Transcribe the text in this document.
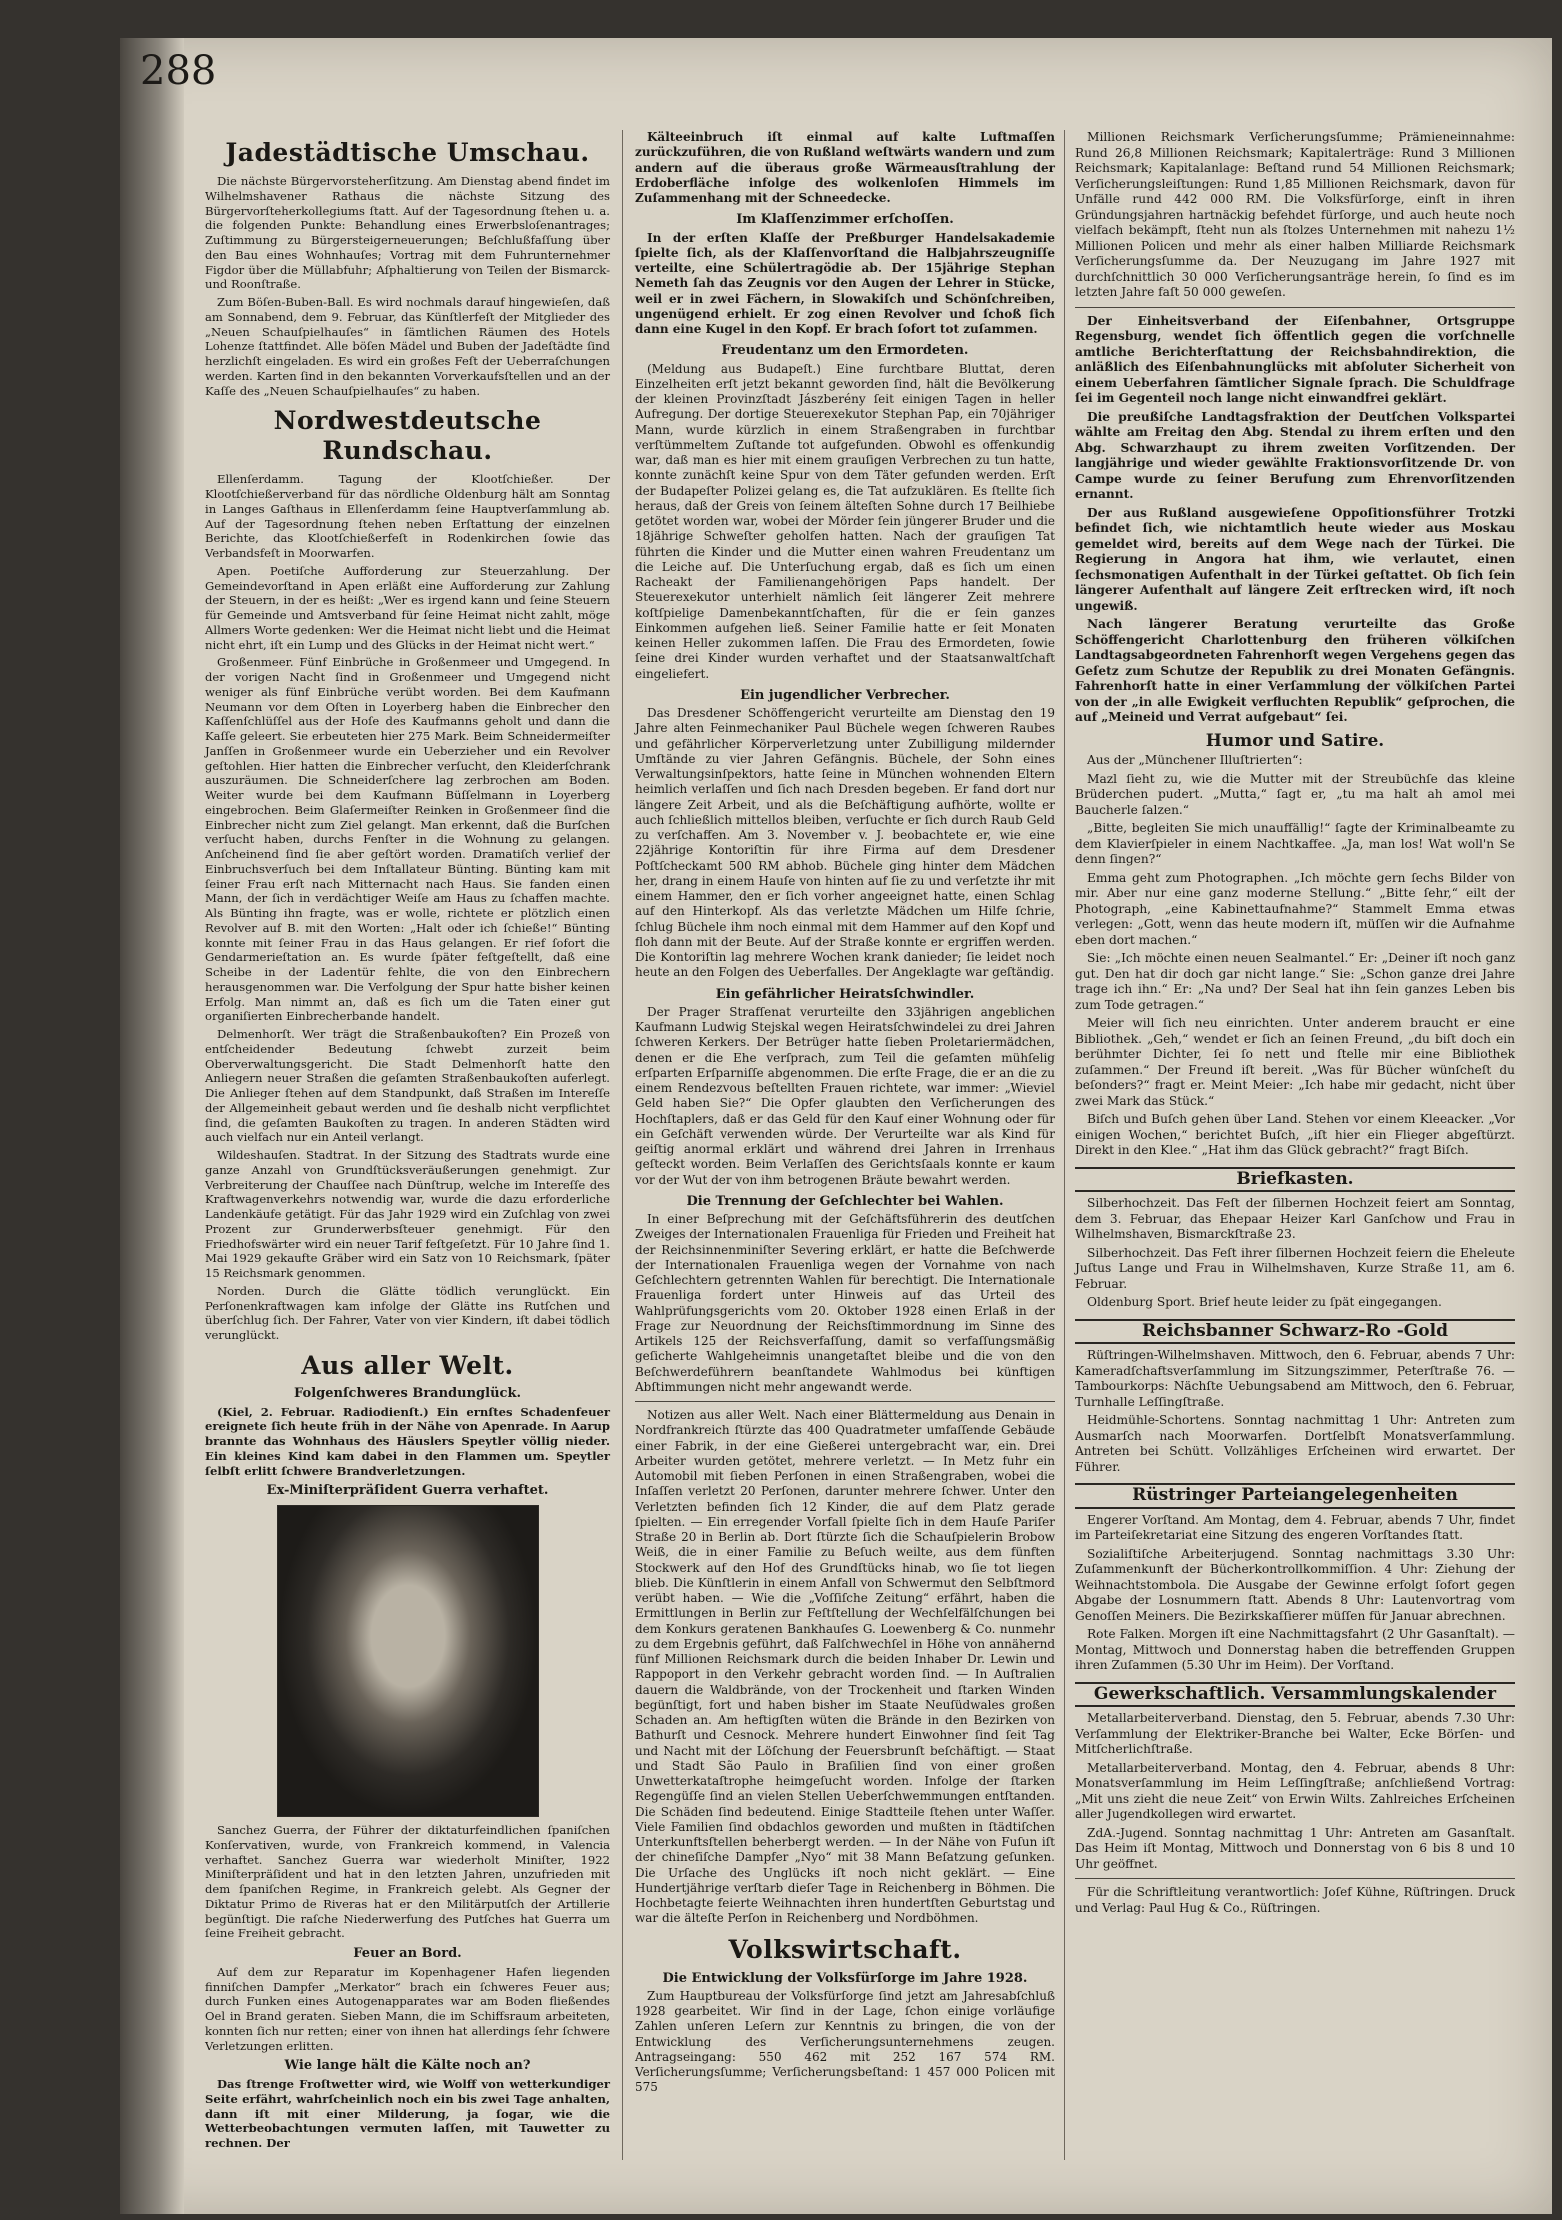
288
Jadestädtische Umschau.

Die nächste Bürgervorsteherſitzung. Am Dienstag abend findet im Wilhelmshavener Rathaus die nächste Sitzung des Bürgervorſteherkollegiums ſtatt. Auf der Tagesordnung ſtehen u. a. die folgenden Punkte: Behandlung eines Erwerbsloſenantrages; Zuſtimmung zu Bürgersteigerneuerungen; Beſchlußfaſſung über den Bau eines Wohnhauſes; Vortrag mit dem Fuhrunternehmer Figdor über die Müllabfuhr; Aſphaltierung von Teilen der Bismarck- und Roonſtraße.

Zum Böſen-Buben-Ball. Es wird nochmals darauf hingewieſen, daß am Sonnabend, dem 9. Februar, das Künſtlerfeſt der Mitglieder des „Neuen Schauſpielhauſes“ in ſämtlichen Räumen des Hotels Lohenze ſtattfindet. Alle böſen Mädel und Buben der Jadeſtädte ſind herzlichſt eingeladen. Es wird ein großes Feſt der Ueberraſchungen werden. Karten ſind in den bekannten Vorverkaufsſtellen und an der Kaſſe des „Neuen Schauſpielhauſes“ zu haben.

Nordwestdeutsche Rundschau.

Ellenſerdamm. Tagung der Klootſchießer. Der Klootſchießerverband für das nördliche Oldenburg hält am Sonntag in Langes Gaſthaus in Ellenſerdamm ſeine Hauptverſammlung ab. Auf der Tagesordnung ſtehen neben Erſtattung der einzelnen Berichte, das Klootſchießerfeſt in Rodenkirchen ſowie das Verbandsfeſt in Moorwarfen.

Apen. Poetiſche Aufforderung zur Steuerzahlung. Der Gemeindevorſtand in Apen erläßt eine Aufforderung zur Zahlung der Steuern, in der es heißt: „Wer es irgend kann und ſeine Steuern für Gemeinde und Amtsverband für ſeine Heimat nicht zahlt, möge Allmers Worte gedenken: Wer die Heimat nicht liebt und die Heimat nicht ehrt, iſt ein Lump und des Glücks in der Heimat nicht wert.“

Großenmeer. Fünf Einbrüche in Großenmeer und Umgegend. In der vorigen Nacht ſind in Großenmeer und Umgegend nicht weniger als fünf Einbrüche verübt worden. Bei dem Kaufmann Neumann vor dem Oſten in Loyerberg haben die Einbrecher den Kaſſenſchlüſſel aus der Hoſe des Kaufmanns geholt und dann die Kaſſe geleert. Sie erbeuteten hier 275 Mark. Beim Schneidermeiſter Janſſen in Großenmeer wurde ein Ueberzieher und ein Revolver geſtohlen. Hier hatten die Einbrecher verſucht, den Kleiderſchrank auszuräumen. Die Schneiderſchere lag zerbrochen am Boden. Weiter wurde bei dem Kaufmann Büſſelmann in Loyerberg eingebrochen. Beim Glaſermeiſter Reinken in Großenmeer ſind die Einbrecher nicht zum Ziel gelangt. Man erkennt, daß die Burſchen verſucht haben, durchs Fenſter in die Wohnung zu gelangen. Anſcheinend ſind ſie aber geſtört worden. Dramatiſch verlief der Einbruchsverſuch bei dem Inſtallateur Bünting. Bünting kam mit ſeiner Frau erſt nach Mitternacht nach Haus. Sie fanden einen Mann, der ſich in verdächtiger Weiſe am Haus zu ſchaffen machte. Als Bünting ihn fragte, was er wolle, richtete er plötzlich einen Revolver auf B. mit den Worten: „Halt oder ich ſchieße!“ Bünting konnte mit ſeiner Frau in das Haus gelangen. Er rief ſofort die Gendarmerieſtation an. Es wurde ſpäter feſtgeſtellt, daß eine Scheibe in der Ladentür fehlte, die von den Einbrechern herausgenommen war. Die Verfolgung der Spur hatte bisher keinen Erfolg. Man nimmt an, daß es ſich um die Taten einer gut organiſierten Einbrecherbande handelt.

Delmenhorſt. Wer trägt die Straßenbaukoſten? Ein Prozeß von entſcheidender Bedeutung ſchwebt zurzeit beim Oberverwaltungsgericht. Die Stadt Delmenhorſt hatte den Anliegern neuer Straßen die geſamten Straßenbaukoſten auferlegt. Die Anlieger ſtehen auf dem Standpunkt, daß Straßen im Intereſſe der Allgemeinheit gebaut werden und ſie deshalb nicht verpflichtet ſind, die geſamten Baukoſten zu tragen. In anderen Städten wird auch vielfach nur ein Anteil verlangt.

Wildeshauſen. Stadtrat. In der Sitzung des Stadtrats wurde eine ganze Anzahl von Grundſtücksveräußerungen genehmigt. Zur Verbreiterung der Chauſſee nach Dünſtrup, welche im Intereſſe des Kraftwagenverkehrs notwendig war, wurde die dazu erforderliche Landenkäufe getätigt. Für das Jahr 1929 wird ein Zuſchlag von zwei Prozent zur Grunderwerbsſteuer genehmigt. Für den Friedhofswärter wird ein neuer Tarif feſtgeſetzt. Für 10 Jahre ſind 1. Mai 1929 gekaufte Gräber wird ein Satz von 10 Reichsmark, ſpäter 15 Reichsmark genommen.

Norden. Durch die Glätte tödlich verunglückt. Ein Perſonenkraftwagen kam infolge der Glätte ins Rutſchen und überſchlug ſich. Der Fahrer, Vater von vier Kindern, iſt dabei tödlich verunglückt.

Aus aller Welt.
Folgenſchweres Brandunglück.

(Kiel, 2. Februar. Radiodienſt.) Ein ernſtes Schadenfeuer ereignete ſich heute früh in der Nähe von Apenrade. In Aarup brannte das Wohnhaus des Häuslers Speytler völlig nieder. Ein kleines Kind kam dabei in den Flammen um. Speytler ſelbſt erlitt ſchwere Brandverletzungen.

Ex-Miniſterpräſident Guerra verhaftet.

Sanchez Guerra, der Führer der diktaturfeindlichen ſpaniſchen Konſervativen, wurde, von Frankreich kommend, in Valencia verhaftet. Sanchez Guerra war wiederholt Miniſter, 1922 Miniſterpräſident und hat in den letzten Jahren, unzufrieden mit dem ſpaniſchen Regime, in Frankreich gelebt. Als Gegner der Diktatur Primo de Riveras hat er den Militärputſch der Artillerie begünſtigt. Die raſche Niederwerfung des Putſches hat Guerra um ſeine Freiheit gebracht.

Feuer an Bord.

Auf dem zur Reparatur im Kopenhagener Hafen liegenden finniſchen Dampfer „Merkator“ brach ein ſchweres Feuer aus; durch Funken eines Autogenapparates war am Boden fließendes Oel in Brand geraten. Sieben Mann, die im Schiffsraum arbeiteten, konnten ſich nur retten; einer von ihnen hat allerdings ſehr ſchwere Verletzungen erlitten.

Wie lange hält die Kälte noch an?

Das ſtrenge Froſtwetter wird, wie Wolff von wetterkundiger Seite erfährt, wahrſcheinlich noch ein bis zwei Tage anhalten, dann iſt mit einer Milderung, ja ſogar, wie die Wetterbeobachtungen vermuten laſſen, mit Tauwetter zu rechnen. Der

Kälteeinbruch iſt einmal auf kalte Luftmaſſen zurückzuführen, die von Rußland weſtwärts wandern und zum andern auf die überaus große Wärmeausſtrahlung der Erdoberfläche infolge des wolkenloſen Himmels im Zuſammenhang mit der Schneedecke.

Im Klaſſenzimmer erſchoſſen.

In der erſten Klaſſe der Preßburger Handelsakademie ſpielte ſich, als der Klaſſenvorſtand die Halbjahrszeugniſſe verteilte, eine Schülertragödie ab. Der 15jährige Stephan Nemeth ſah das Zeugnis vor den Augen der Lehrer in Stücke, weil er in zwei Fächern, in Slowakiſch und Schönſchreiben, ungenügend erhielt. Er zog einen Revolver und ſchoß ſich dann eine Kugel in den Kopf. Er brach ſofort tot zuſammen.

Freudentanz um den Ermordeten.

(Meldung aus Budapeſt.) Eine furchtbare Bluttat, deren Einzelheiten erſt jetzt bekannt geworden ſind, hält die Bevölkerung der kleinen Provinzſtadt Jászberény ſeit einigen Tagen in heller Aufregung. Der dortige Steuerexekutor Stephan Pap, ein 70jähriger Mann, wurde kürzlich in einem Straßengraben in furchtbar verſtümmeltem Zuſtande tot aufgefunden. Obwohl es offenkundig war, daß man es hier mit einem grauſigen Verbrechen zu tun hatte, konnte zunächſt keine Spur von dem Täter gefunden werden. Erſt der Budapeſter Polizei gelang es, die Tat aufzuklären. Es ſtellte ſich heraus, daß der Greis von ſeinem älteſten Sohne durch 17 Beilhiebe getötet worden war, wobei der Mörder ſein jüngerer Bruder und die 18jährige Schweſter geholfen hatten. Nach der grauſigen Tat führten die Kinder und die Mutter einen wahren Freudentanz um die Leiche auf. Die Unterſuchung ergab, daß es ſich um einen Racheakt der Familienangehörigen Paps handelt. Der Steuerexekutor unterhielt nämlich ſeit längerer Zeit mehrere koſtſpielige Damenbekanntſchaften, für die er ſein ganzes Einkommen aufgehen ließ. Seiner Familie hatte er ſeit Monaten keinen Heller zukommen laſſen. Die Frau des Ermordeten, ſowie ſeine drei Kinder wurden verhaftet und der Staatsanwaltſchaft eingeliefert.

Ein jugendlicher Verbrecher.

Das Dresdener Schöffengericht verurteilte am Dienstag den 19 Jahre alten Feinmechaniker Paul Büchele wegen ſchweren Raubes und gefährlicher Körperverletzung unter Zubilligung mildernder Umſtände zu vier Jahren Gefängnis. Büchele, der Sohn eines Verwaltungsinſpektors, hatte ſeine in München wohnenden Eltern heimlich verlaſſen und ſich nach Dresden begeben. Er fand dort nur längere Zeit Arbeit, und als die Beſchäftigung aufhörte, wollte er auch ſchließlich mittellos bleiben, verſuchte er ſich durch Raub Geld zu verſchaffen. Am 3. November v. J. beobachtete er, wie eine 22jährige Kontoriſtin für ihre Firma auf dem Dresdener Poſtſcheckamt 500 RM abhob. Büchele ging hinter dem Mädchen her, drang in einem Hauſe von hinten auf ſie zu und verſetzte ihr mit einem Hammer, den er ſich vorher angeeignet hatte, einen Schlag auf den Hinterkopf. Als das verletzte Mädchen um Hilfe ſchrie, ſchlug Büchele ihm noch einmal mit dem Hammer auf den Kopf und floh dann mit der Beute. Auf der Straße konnte er ergriffen werden. Die Kontoriſtin lag mehrere Wochen krank danieder; ſie leidet noch heute an den Folgen des Ueberfalles. Der Angeklagte war geſtändig.

Ein gefährlicher Heiratsſchwindler.

Der Prager Strafſenat verurteilte den 33jährigen angeblichen Kaufmann Ludwig Stejskal wegen Heiratsſchwindelei zu drei Jahren ſchweren Kerkers. Der Betrüger hatte ſieben Proletariermädchen, denen er die Ehe verſprach, zum Teil die geſamten mühſelig erſparten Erſparniſſe abgenommen. Die erſte Frage, die er an die zu einem Rendezvous beſtellten Frauen richtete, war immer: „Wieviel Geld haben Sie?“ Die Opfer glaubten den Verſicherungen des Hochſtaplers, daß er das Geld für den Kauf einer Wohnung oder für ein Geſchäft verwenden würde. Der Verurteilte war als Kind für geiſtig anormal erklärt und während drei Jahren in Irrenhaus geſteckt worden. Beim Verlaſſen des Gerichtsſaals konnte er kaum vor der Wut der von ihm betrogenen Bräute bewahrt werden.

Die Trennung der Geſchlechter bei Wahlen.

In einer Beſprechung mit der Geſchäftsführerin des deutſchen Zweiges der Internationalen Frauenliga für Frieden und Freiheit hat der Reichsinnenminiſter Severing erklärt, er hatte die Beſchwerde der Internationalen Frauenliga wegen der Vornahme von nach Geſchlechtern getrennten Wahlen für berechtigt. Die Internationale Frauenliga fordert unter Hinweis auf das Urteil des Wahlprüfungsgerichts vom 20. Oktober 1928 einen Erlaß in der Frage zur Neuordnung der Reichsſtimmordnung im Sinne des Artikels 125 der Reichsverfaſſung, damit so verfaſſungsmäßig geſicherte Wahlgeheimnis unangetaſtet bleibe und die von den Beſchwerdeführern beanſtandete Wahlmodus bei künftigen Abſtimmungen nicht mehr angewandt werde.

Notizen aus aller Welt. Nach einer Blättermeldung aus Denain in Nordfrankreich ſtürzte das 400 Quadratmeter umfaſſende Gebäude einer Fabrik, in der eine Gießerei untergebracht war, ein. Drei Arbeiter wurden getötet, mehrere verletzt. — In Metz fuhr ein Automobil mit ſieben Perſonen in einen Straßengraben, wobei die Inſaſſen verletzt 20 Perſonen, darunter mehrere ſchwer. Unter den Verletzten befinden ſich 12 Kinder, die auf dem Platz gerade ſpielten. — Ein erregender Vorfall ſpielte ſich in dem Hauſe Pariſer Straße 20 in Berlin ab. Dort ſtürzte ſich die Schauſpielerin Brobow Weiß, die in einer Familie zu Beſuch weilte, aus dem fünften Stockwerk auf den Hof des Grundſtücks hinab, wo ſie tot liegen blieb. Die Künſtlerin in einem Anfall von Schwermut den Selbſtmord verübt haben. — Wie die „Voſſiſche Zeitung“ erfährt, haben die Ermittlungen in Berlin zur Feſtſtellung der Wechſelfälſchungen bei dem Konkurs geratenen Bankhauſes G. Loewenberg & Co. nunmehr zu dem Ergebnis geführt, daß Falſchwechſel in Höhe von annähernd fünf Millionen Reichsmark durch die beiden Inhaber Dr. Lewin und Rappoport in den Verkehr gebracht worden ſind. — In Auſtralien dauern die Waldbrände, von der Trockenheit und ſtarken Winden begünſtigt, fort und haben bisher im Staate Neuſüdwales großen Schaden an. Am heftigſten wüten die Brände in den Bezirken von Bathurſt und Cesnock. Mehrere hundert Einwohner ſind ſeit Tag und Nacht mit der Löſchung der Feuersbrunſt beſchäftigt. — Staat und Stadt São Paulo in Braſilien ſind von einer großen Unwetterkataſtrophe heimgeſucht worden. Infolge der ſtarken Regengüſſe ſind an vielen Stellen Ueberſchwemmungen entſtanden. Die Schäden ſind bedeutend. Einige Stadtteile ſtehen unter Waſſer. Viele Familien ſind obdachlos geworden und mußten in ſtädtiſchen Unterkunftsſtellen beherbergt werden. — In der Nähe von Fuſun iſt der chineſiſche Dampfer „Nyo“ mit 38 Mann Beſatzung geſunken. Die Urſache des Unglücks iſt noch nicht geklärt. — Eine Hundertjährige verſtarb dieſer Tage in Reichenberg in Böhmen. Die Hochbetagte feierte Weihnachten ihren hundertſten Geburtstag und war die älteſte Perſon in Reichenberg und Nordböhmen.

Volkswirtschaft.
Die Entwicklung der Volksfürſorge im Jahre 1928.

Zum Hauptbureau der Volksfürſorge ſind jetzt am Jahresabſchluß 1928 gearbeitet. Wir ſind in der Lage, ſchon einige vorläufige Zahlen unſeren Leſern zur Kenntnis zu bringen, die von der Entwicklung des Verſicherungsunternehmens zeugen. Antragseingang: 550 462 mit 252 167 574 RM. Verſicherungsſumme; Verſicherungsbeſtand: 1 457 000 Policen mit 575

Millionen Reichsmark Verſicherungsſumme; Prämieneinnahme: Rund 26,8 Millionen Reichsmark; Kapitalerträge: Rund 3 Millionen Reichsmark; Kapitalanlage: Beſtand rund 54 Millionen Reichsmark; Verſicherungsleiſtungen: Rund 1,85 Millionen Reichsmark, davon für Unfälle rund 442 000 RM. Die Volksfürſorge, einſt in ihren Gründungsjahren hartnäckig befehdet fürſorge, und auch heute noch vielfach bekämpft, ſteht nun als ſtolzes Unternehmen mit nahezu 1½ Millionen Policen und mehr als einer halben Milliarde Reichsmark Verſicherungsſumme da. Der Neuzugang im Jahre 1927 mit durchſchnittlich 30 000 Verſicherungsanträge herein, ſo ſind es im letzten Jahre faſt 50 000 geweſen.

Der Einheitsverband der Eiſenbahner, Ortsgruppe Regensburg, wendet ſich öffentlich gegen die vorſchnelle amtliche Berichterſtattung der Reichsbahndirektion, die anläßlich des Eiſenbahnunglücks mit abſoluter Sicherheit von einem Ueberfahren ſämtlicher Signale ſprach. Die Schuldfrage ſei im Gegenteil noch lange nicht einwandfrei geklärt.

Die preußiſche Landtagsfraktion der Deutſchen Volkspartei wählte am Freitag den Abg. Stendal zu ihrem erſten und den Abg. Schwarzhaupt zu ihrem zweiten Vorſitzenden. Der langjährige und wieder gewählte Fraktionsvorſitzende Dr. von Campe wurde zu ſeiner Berufung zum Ehrenvorſitzenden ernannt.

Der aus Rußland ausgewieſene Oppoſitionsführer Trotzki befindet ſich, wie nichtamtlich heute wieder aus Moskau gemeldet wird, bereits auf dem Wege nach der Türkei. Die Regierung in Angora hat ihm, wie verlautet, einen ſechsmonatigen Aufenthalt in der Türkei geſtattet. Ob ſich ſein längerer Aufenthalt auf längere Zeit erſtrecken wird, iſt noch ungewiß.

Nach längerer Beratung verurteilte das Große Schöffengericht Charlottenburg den früheren völkiſchen Landtagsabgeordneten Fahrenhorſt wegen Vergehens gegen das Geſetz zum Schutze der Republik zu drei Monaten Gefängnis. Fahrenhorſt hatte in einer Verſammlung der völkiſchen Partei von der „in alle Ewigkeit verfluchten Republik“ geſprochen, die auf „Meineid und Verrat aufgebaut“ ſei.

Humor und Satire.

Aus der „Münchener Illuſtrierten“:

Mazl ſieht zu, wie die Mutter mit der Streubüchſe das kleine Brüderchen pudert. „Mutta,“ ſagt er, „tu ma halt ah amol mei Baucherle ſalzen.“

„Bitte, begleiten Sie mich unauffällig!“ ſagte der Kriminalbeamte zu dem Klavierſpieler in einem Nachtkaffee. „Ja, man los! Wat woll'n Se denn ſingen?“

Emma geht zum Photographen. „Ich möchte gern ſechs Bilder von mir. Aber nur eine ganz moderne Stellung.“ „Bitte ſehr,“ eilt der Photograph, „eine Kabinettaufnahme?“ Stammelt Emma etwas verlegen: „Gott, wenn das heute modern iſt, müſſen wir die Aufnahme eben dort machen.“

Sie: „Ich möchte einen neuen Sealmantel.“ Er: „Deiner iſt noch ganz gut. Den hat dir doch gar nicht lange.“ Sie: „Schon ganze drei Jahre trage ich ihn.“ Er: „Na und? Der Seal hat ihn ſein ganzes Leben bis zum Tode getragen.“

Meier will ſich neu einrichten. Unter anderem braucht er eine Bibliothek. „Geh,“ wendet er ſich an ſeinen Freund, „du biſt doch ein berühmter Dichter, ſei ſo nett und ſtelle mir eine Bibliothek zuſammen.“ Der Freund iſt bereit. „Was für Bücher wünſcheſt du beſonders?“ fragt er. Meint Meier: „Ich habe mir gedacht, nicht über zwei Mark das Stück.“

Biſch und Buſch gehen über Land. Stehen vor einem Kleeacker. „Vor einigen Wochen,“ berichtet Buſch, „iſt hier ein Flieger abgeſtürzt. Direkt in den Klee.“ „Hat ihm das Glück gebracht?“ fragt Biſch.

Briefkasten.

Silberhochzeit. Das Feſt der ſilbernen Hochzeit feiert am Sonntag, dem 3. Februar, das Ehepaar Heizer Karl Ganſchow und Frau in Wilhelmshaven, Bismarckſtraße 23.

Silberhochzeit. Das Feſt ihrer ſilbernen Hochzeit feiern die Eheleute Juſtus Lange und Frau in Wilhelmshaven, Kurze Straße 11, am 6. Februar.

Oldenburg Sport. Brief heute leider zu ſpät eingegangen.

Reichsbanner Schwarz-Ro -Gold

Rüſtringen-Wilhelmshaven. Mittwoch, den 6. Februar, abends 7 Uhr: Kameradſchaftsverſammlung im Sitzungszimmer, Peterſtraße 76. — Tambourkorps: Nächſte Uebungsabend am Mittwoch, den 6. Februar, Turnhalle Leſſingſtraße.

Heidmühle-Schortens. Sonntag nachmittag 1 Uhr: Antreten zum Ausmarſch nach Moorwarfen. Dortſelbſt Monatsverſammlung. Antreten bei Schütt. Vollzähliges Erſcheinen wird erwartet. Der Führer.

Rüstringer Parteiangelegenheiten

Engerer Vorſtand. Am Montag, dem 4. Februar, abends 7 Uhr, findet im Parteiſekretariat eine Sitzung des engeren Vorſtandes ſtatt.

Sozialiſtiſche Arbeiterjugend. Sonntag nachmittags 3.30 Uhr: Zuſammenkunft der Bücherkontrollkommiſſion. 4 Uhr: Ziehung der Weihnachtstombola. Die Ausgabe der Gewinne erfolgt ſofort gegen Abgabe der Losnummern ſtatt. Abends 8 Uhr: Lautenvortrag vom Genoſſen Meiners. Die Bezirkskaſſierer müſſen für Januar abrechnen.

Rote Falken. Morgen iſt eine Nachmittagsfahrt (2 Uhr Gasanſtalt). — Montag, Mittwoch und Donnerstag haben die betreffenden Gruppen ihren Zuſammen (5.30 Uhr im Heim). Der Vorſtand.

Gewerkschaftlich. Versammlungskalender

Metallarbeiterverband. Dienstag, den 5. Februar, abends 7.30 Uhr: Verſammlung der Elektriker-Branche bei Walter, Ecke Börſen- und Mitſcherlichſtraße.

Metallarbeiterverband. Montag, den 4. Februar, abends 8 Uhr: Monatsverſammlung im Heim Leſſingſtraße; anſchließend Vortrag: „Mit uns zieht die neue Zeit“ von Erwin Wilts. Zahlreiches Erſcheinen aller Jugendkollegen wird erwartet.

ZdA.-Jugend. Sonntag nachmittag 1 Uhr: Antreten am Gasanſtalt. Das Heim iſt Montag, Mittwoch und Donnerstag von 6 bis 8 und 10 Uhr geöffnet.

Für die Schriftleitung verantwortlich: Joſef Kühne, Rüſtringen. Druck und Verlag: Paul Hug & Co., Rüſtringen.
